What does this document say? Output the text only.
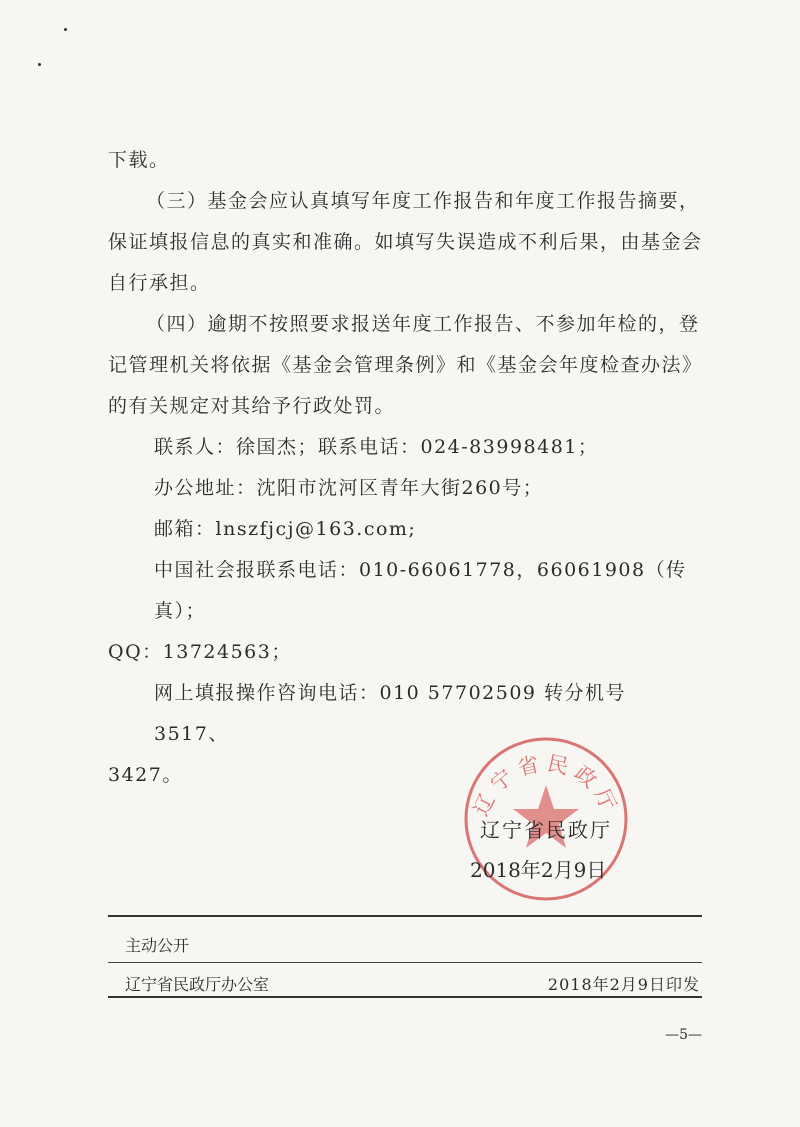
下载。

（三）基金会应认真填写年度工作报告和年度工作报告摘要，保证填报信息的真实和准确。如填写失误造成不利后果，由基金会自行承担。

（四）逾期不按照要求报送年度工作报告、不参加年检的，登记管理机关将依据《基金会管理条例》和《基金会年度检查办法》的有关规定对其给予行政处罚。

联系人：徐国杰；联系电话：024-83998481；

办公地址：沈阳市沈河区青年大街260号；

邮箱：lnszfjcj@163.com;

中国社会报联系电话：010-66061778，66061908（传真）；

QQ：13724563；

网上填报操作咨询电话：010 57702509 转分机号 3517、

3427。

辽宁省民政厅
辽宁省民政厅
2018年2月9日
主动公开
辽宁省民政厅办公室	2018年2月9日印发
—5—
